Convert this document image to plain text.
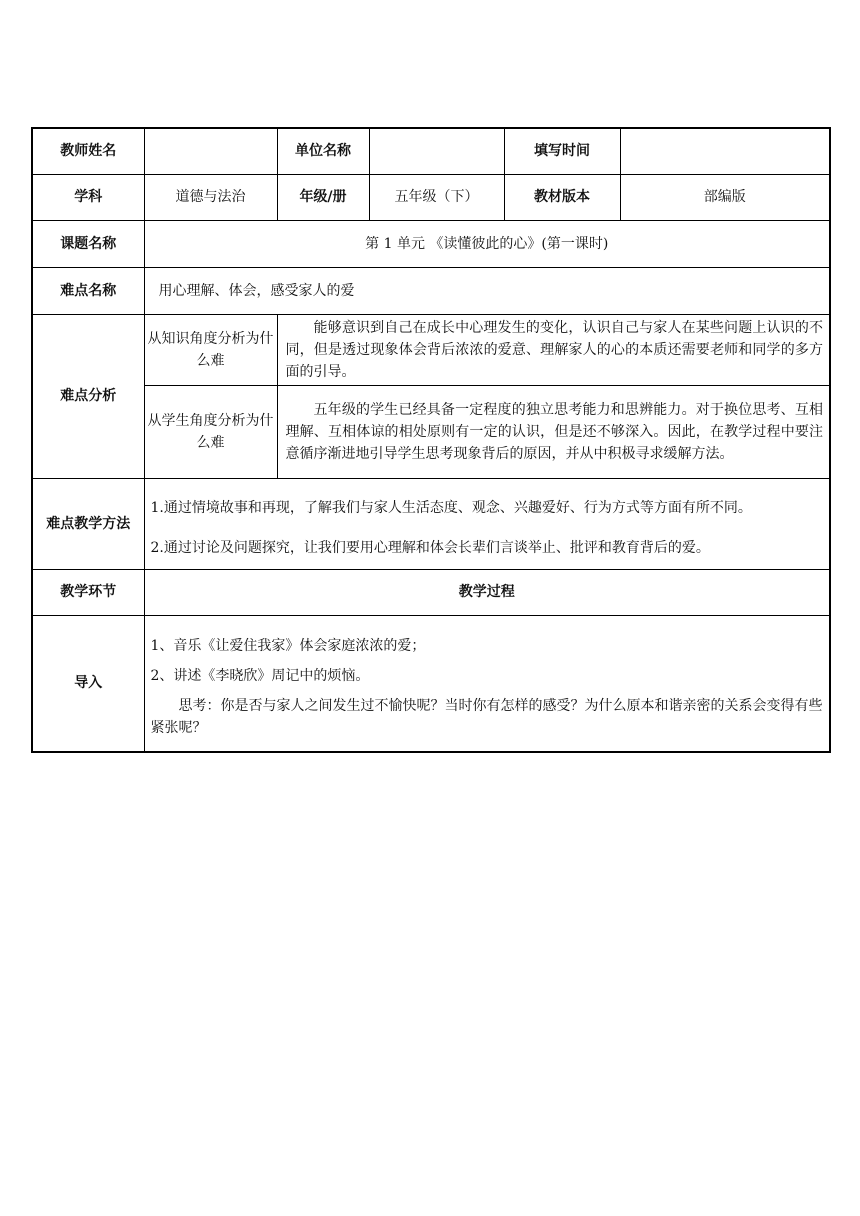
教师姓名		单位名称		填写时间	
学科	道德与法治	年级/册	五年级（下）	教材版本	部编版
课题名称	第 1 单元 《读懂彼此的心》(第一课时)				
难点名称	用心理解、体会，感受家人的爱				
难点分析	从知识角度分析为什么难	能够意识到自己在成长中心理发生的变化，认识自己与家人在某些问题上认识的不同，但是透过现象体会背后浓浓的爱意、理解家人的心的本质还需要老师和同学的多方面的引导。			
	从学生角度分析为什么难	五年级的学生已经具备一定程度的独立思考能力和思辨能力。对于换位思考、互相理解、互相体谅的相处原则有一定的认识，但是还不够深入。因此，在教学过程中要注意循序渐进地引导学生思考现象背后的原因，并从中积极寻求缓解方法。			
难点教学方法	1.通过情境故事和再现，了解我们与家人生活态度、观念、兴趣爱好、行为方式等方面有所不同。

2.通过讨论及问题探究，让我们要用心理解和体会长辈们言谈举止、批评和教育背后的爱。				

教学环节	教学过程				
导入	1、音乐《让爱住我家》体会家庭浓浓的爱；

2、讲述《李晓欣》周记中的烦恼。

思考：你是否与家人之间发生过不愉快呢？当时你有怎样的感受？为什么原本和谐亲密的关系会变得有些紧张呢？				
